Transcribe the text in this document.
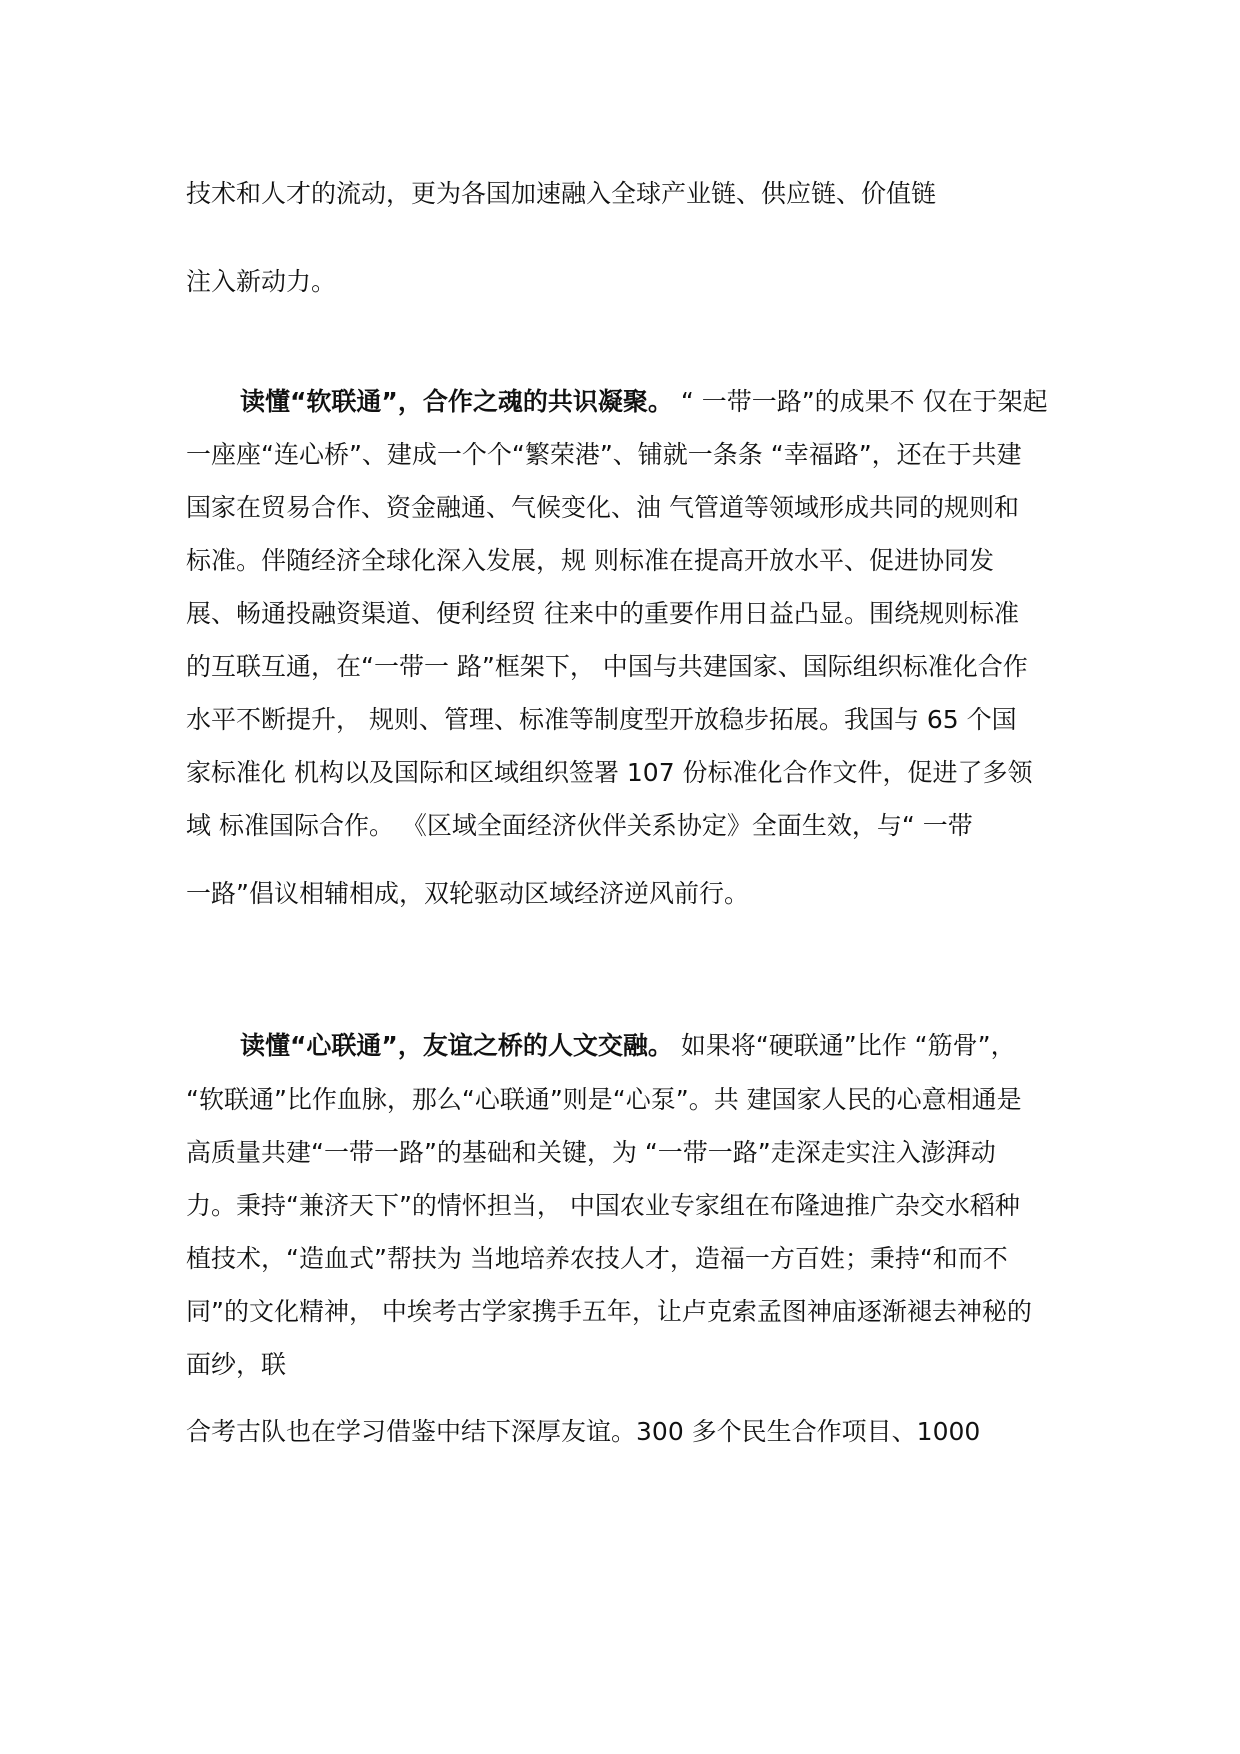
技术和人才的流动，更为各国加速融入全球产业链、供应链、价值链
注入新动力。
读懂“软联通”，合作之魂的共识凝聚。 “ 一带一路”的成果不 仅在于架起
一座座“连心桥”、建成一个个“繁荣港”、铺就一条条 “幸福路”，还在于共建
国家在贸易合作、资金融通、气候变化、油 气管道等领域形成共同的规则和
标准。伴随经济全球化深入发展，规 则标准在提高开放水平、促进协同发
展、畅通投融资渠道、便利经贸 往来中的重要作用日益凸显。围绕规则标准
的互联互通，在“一带一 路”框架下， 中国与共建国家、国际组织标准化合作
水平不断提升， 规则、管理、标准等制度型开放稳步拓展。我国与 65 个国
家标准化 机构以及国际和区域组织签署 107 份标准化合作文件，促进了多领
域 标准国际合作。 《区域全面经济伙伴关系协定》全面生效，与“ 一带
一路”倡议相辅相成，双轮驱动区域经济逆风前行。
读懂“心联通”，友谊之桥的人文交融。 如果将“硬联通”比作 “筋骨”，
“软联通”比作血脉，那么“心联通”则是“心泵”。共 建国家人民的心意相通是
高质量共建“一带一路”的基础和关键，为 “一带一路”走深走实注入澎湃动
力。秉持“兼济天下”的情怀担当， 中国农业专家组在布隆迪推广杂交水稻种
植技术，“造血式”帮扶为 当地培养农技人才，造福一方百姓；秉持“和而不
同”的文化精神， 中埃考古学家携手五年，让卢克索孟图神庙逐渐褪去神秘的
面纱，联
合考古队也在学习借鉴中结下深厚友谊。300 多个民生合作项目、1000
